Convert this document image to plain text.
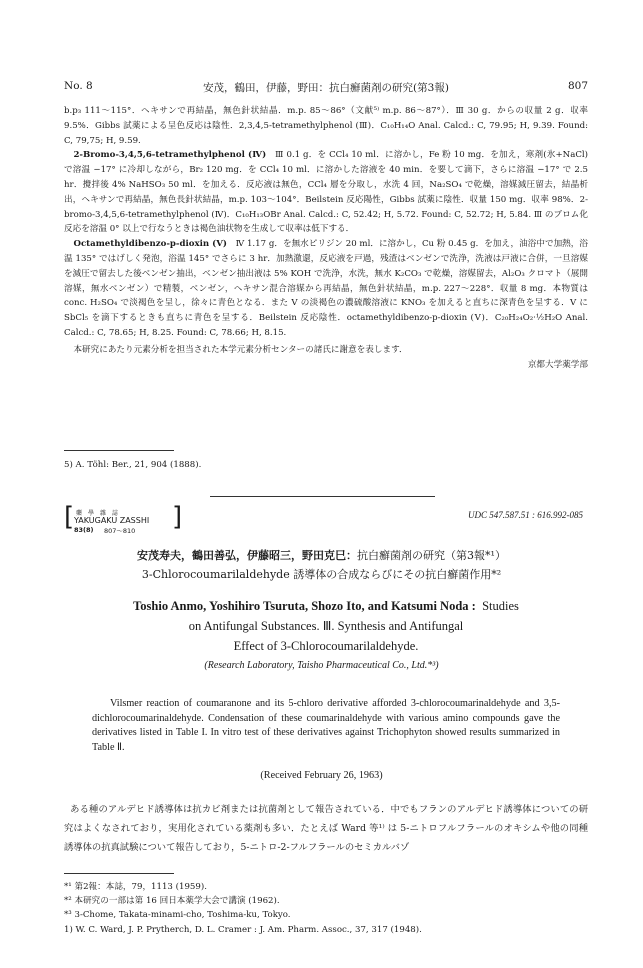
No. 8	安茂，鶴田，伊藤，野田：抗白癬菌剤の研究(第3報)	807

b.p₃ 111〜115°．ヘキサンで再結晶，無色針状結晶．m.p. 85〜86°（文献⁵⁾ m.p. 86〜87°）．Ⅲ 30 g．からの収量 2 g．収率 9.5%．Gibbs 試薬による呈色反応は陰性．2,3,4,5-tetramethylphenol (Ⅲ)．C₁₀H₁₄O Anal. Calcd.: C, 79.95; H, 9.39. Found: C, 79,75; H, 9.59.

2-Bromo-3,4,5,6-tetramethylphenol (Ⅳ)　 Ⅲ 0.1 g．を CCl₄ 10 ml．に溶かし，Fe 粉 10 mg．を加え，寒剤(氷+NaCl)で溶温 −17° に冷却しながら，Br₂ 120 mg．を CCl₄ 10 ml．に溶かした溶液を 40 min．を要して滴下，さらに溶温 −17° で 2.5 hr．攪拌後 4% NaHSO₃ 50 ml．を加える．反応液は無色，CCl₄ 層を分取し，水洗 4 回，Na₂SO₄ で乾燥，溶媒減圧留去，結晶析出，ヘキサンで再結晶，無色長針状結晶，m.p. 103〜104°．Beilstein 反応陽性，Gibbs 試薬に陰性．収量 150 mg．収率 98%．2-bromo-3,4,5,6-tetramethylphenol (Ⅳ)．C₁₀H₁₃OBr Anal. Calcd.: C, 52.42; H, 5.72. Found: C, 52.72; H, 5.84. Ⅲ のブロム化反応を溶温 0° 以上で行なうときは褐色油状物を生成して収率は低下する．

Octamethyldibenzo-p-dioxin (Ⅴ)　 Ⅳ 1.17 g．を無水ピリジン 20 ml．に溶かし，Cu 粉 0.45 g．を加え，油浴中で加熱，浴温 135° ではげしく発泡，浴温 145° でさらに 3 hr．加熱激還，反応液を戸過，残渣はベンゼンで洗浄，洗液は戸液に合併，一旦溶媒を減圧で留去した後ベンゼン抽出，ベンゼン抽出液は 5% KOH で洗浄，水洗，無水 K₂CO₃ で乾燥，溶媒留去，Al₂O₃ クロマト（展開溶媒，無水ベンゼン）で精製，ベンゼン，ヘキサン混合溶媒から再結晶，無色針状結晶，m.p. 227〜228°．収量 8 mg．本物質は conc. H₂SO₄ で淡褐色を呈し，徐々に青色となる．また Ⅴ の淡褐色の濃硫酸溶液に KNO₃ を加えると直ちに深青色を呈する．Ⅴ に SbCl₅ を滴下するときも直ちに青色を呈する．Beilstein 反応陰性．octamethyldibenzo-p-dioxin (Ⅴ)．C₂₀H₂₄O₂·½H₂O Anal. Calcd.: C, 78.65; H, 8.25. Found: C, 78.66; H, 8.15.

本研究にあたり元素分析を担当された本学元素分析センターの諸氏に謝意を表します．

京都大学薬学部

5) A. Töhl: Ber., 21, 904 (1888).
[ 藥　學　雜　誌
YAKUGAKU ZASSHI
83(8) 807〜810 ]	UDC 547.587.51 : 616.992-085
安茂寿夫，鶴田善弘，伊藤昭三，野田克巳：抗白癬菌剤の研究（第3報*¹）
3-Chlorocoumarilaldehyde 誘導体の合成ならびにその抗白癬菌作用*²
Toshio Anmo, Yoshihiro Tsuruta, Shozo Ito, and Katsumi Noda : Studies
on Antifungal Substances. Ⅲ. Synthesis and Antifungal
Effect of 3-Chlorocoumarilaldehyde.
(Research Laboratory, Taisho Pharmaceutical Co., Ltd.*³)
Vilsmer reaction of coumaranone and its 5-chloro derivative afforded 3-chlorocoumarinaldehyde and 3,5-dichlorocoumarinaldehyde. Condensation of these coumarinaldehyde with various amino compounds gave the derivatives listed in Table I. In vitro test of these derivatives against Trichophyton showed results summarized in Table Ⅱ.
(Received February 26, 1963)
ある種のアルデヒド誘導体は抗カビ剤または抗菌剤として報告されている．中でもフランのアルデヒド誘導体についての研究はよくなされており，実用化されている薬剤も多い．たとえば Ward 等¹⁾ は 5-ニトロフルフラールのオキシムや他の同種誘導体の抗真試験について報告しており，5-ニトロ-2-フルフラールのセミカルバゾ
*¹ 第2報：本誌，79，1113 (1959).
*² 本研究の一部は第 16 回日本薬学大会で講演 (1962).
*³ 3-Chome, Takata-minami-cho, Toshima-ku, Tokyo.
1) W. C. Ward, J. P. Prytherch, D. L. Cramer : J. Am. Pharm. Assoc., 37, 317 (1948).
